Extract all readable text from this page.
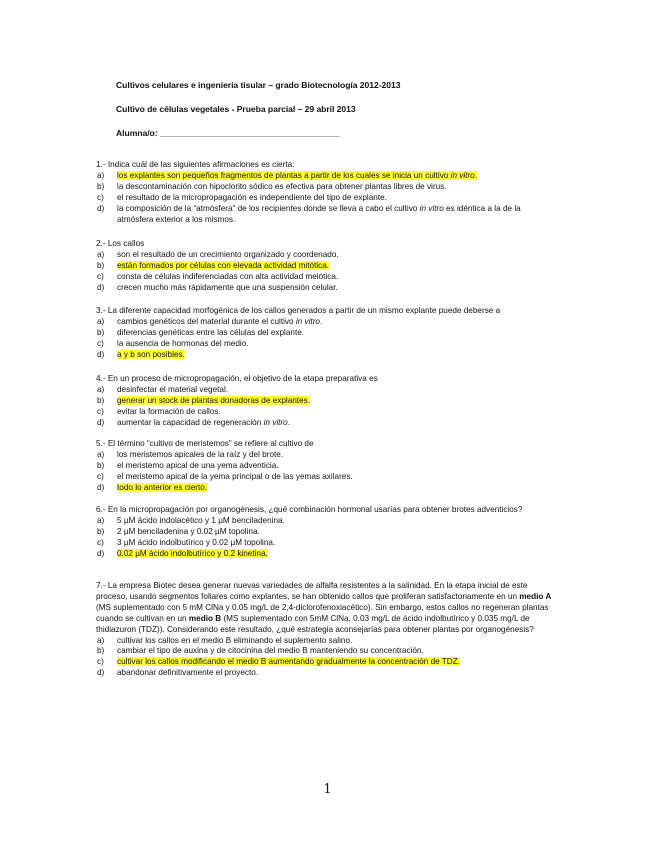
Cultivos celulares e ingeniería tisular – grado Biotecnología 2012-2013
Cultivo de células vegetales - Prueba parcial – 29 abril 2013
Alumna/o: ______________________________________

1.- Indica cuál de las siguientes afirmaciones es cierta:

a)	los explantes son pequeños fragmentos de plantas a partir de los cuales se inicia un cultivo in vitro.
b)	la descontaminación con hipoclorito sódico es efectiva para obtener plantas libres de virus.
c)	el resultado de la micropropagación es independiente del tipo de explante.
d)	la composición de la “atmósfera” de los recipientes donde se lleva a cabo el cultivo in vitro es idéntica a la de la atmósfera exterior a los mismos.

2.- Los callos

a)	son el resultado de un crecimiento organizado y coordenado.
b)	están formados por células con elevada actividad mitótica.
c)	consta de células indiferenciadas con alta actividad meiótica.
d)	crecen mucho más rápidamente que una suspensión celular.

3.- La diferente capacidad morfogénica de los callos generados a partir de un mismo explante puede deberse a

a)	cambios genéticos del material durante el cultivo in vitro.
b)	diferencias genéticas entre las células del explante.
c)	la ausencia de hormonas del medio.
d)	a y b son posibles.

4.- En un proceso de micropropagación, el objetivo de la etapa preparativa es

a)	desinfectar el material vegetal.
b)	generar un stock de plantas donadoras de explantes.
c)	evitar la formación de callos.
d)	aumentar la capacidad de regeneración in vitro.

5.- El término “cultivo de meristemos” se refiere al cultivo de

a)	los meristemos apicales de la raíz y del brote.
b)	el meristemo apical de una yema adventicia.
c)	el meristemo apical de la yema principal o de las yemas axilares.
d)	todo lo anterior es cierto.

6.- En la micropropagación por organogénesis, ¿qué combinación hormonal usarías para obtener brotes adventicios?

a)	5 µM ácido indolacético y 1 µM benciladenina.
b)	2 µM benciladenina y 0.02 µM topolina.
c)	3 µM ácido indolbutírico y 0.02 µM topolina.
d)	0.02 µM ácido indolbutírico y 0.2 kinetina.

7.- La empresa Biotec desea generar nuevas variedades de alfalfa resistentes a la salinidad. En la etapa inicial de este proceso, usando segmentos foliares como explantes, se han obtenido callos que proliferan satisfactoriamente en un medio A (MS suplementado con 5 mM ClNa y 0.05 mg/L de 2,4-diclorofenoxiacético). Sin embargo, estos callos no regeneran plantas cuando se cultivan en un medio B (MS suplementado con 5mM ClNa, 0.03 mg/L de ácido indolbutírico y 0.035 mg/L de thidiazuron (TDZ)). Considerando este resultado, ¿qué estrategia aconsejarías para obtener plantas por organogénesis?

a)	cultivar los callos en el medio B eliminando el suplemento salino.
b)	cambiar el tipo de auxina y de citocinina del medio B manteniendo su concentración.
c)	cultivar los callos modificando el medio B aumentando gradualmente la concentración de TDZ.
d)	abandonar definitivamente el proyecto.
1
